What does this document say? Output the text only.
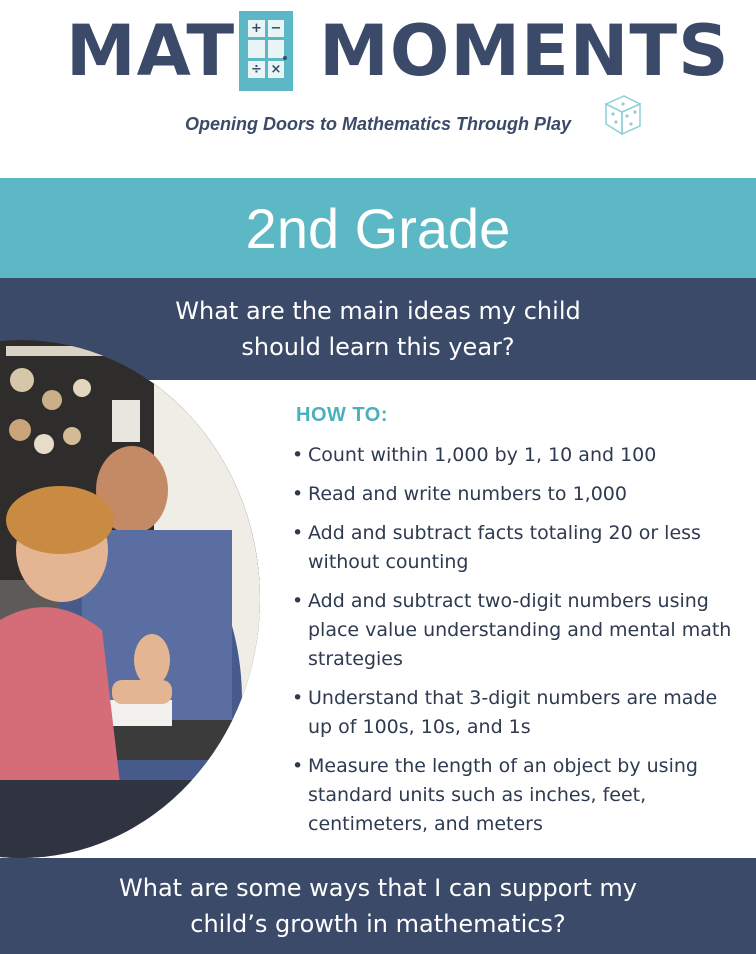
MAT + −
÷ × MOMENTS
Opening Doors to Mathematics Through Play
2nd Grade
What are the main ideas my child
should learn this year?
HOW TO:
• Count within 1,000 by 1, 10 and 100
• Read and write numbers to 1,000
• Add and subtract facts totaling 20 or less without counting
• Add and subtract two-digit numbers using place value understanding and mental math strategies
• Understand that 3-digit numbers are made up of 100s, 10s, and 1s
• Measure the length of an object by using standard units such as inches, feet, centimeters, and meters
What are some ways that I can support my
child’s growth in mathematics?
